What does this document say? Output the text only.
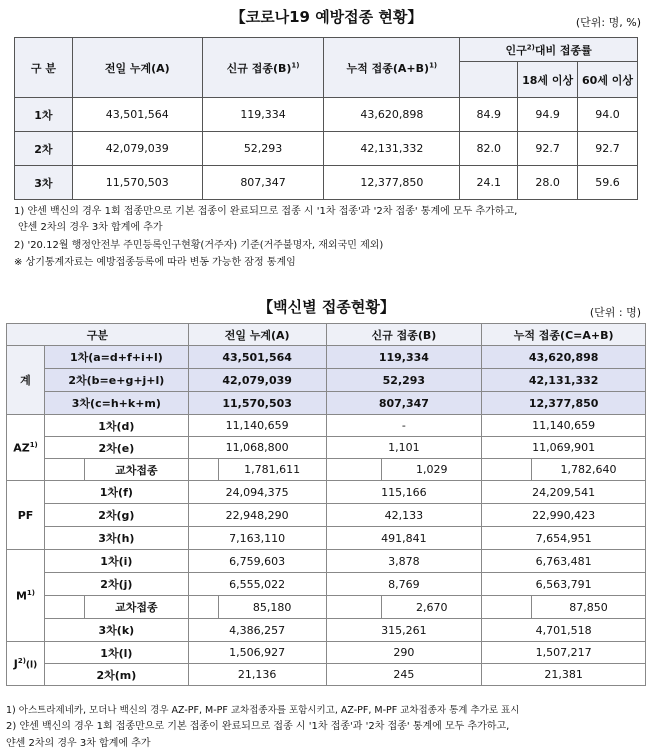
【코로나19 예방접종 현황】	(단위: 명, %)
구 분	전일 누계(A)	신규 접종$(B)^{1)}$	누적 접종$(A+B)^{1)}$	인구$^{2)}$대비 접종률		
					18세 이상	60세 이상
1차	43,501,564	119,334	43,620,898	84.9	94.9	94.0
2차	42,079,039	52,293	42,131,332	82.0	92.7	92.7
3차	11,570,503	807,347	12,377,850	24.1	28.0	59.6
1) 얀센 백신의 경우 1회 접종만으로 기본 접종이 완료되므로 접종 시 '1차 접종'과 '2차 접종' 통계에 모두 추가하고,
얀센 2차의 경우 3차 합계에 추가
2) '20.12월 행정안전부 주민등록인구현황(거주자) 기준(거주불명자, 재외국민 제외)
※ 상기통계자료는 예방접종등록에 따라 변동 가능한 잠정 통계임
【백신별 접종현황】	(단위 : 명)
구분			전일 누계(A)		신규 접종(B)		누적 접종(C=A+B)	
계	1차(a=d+f+i+l)		43,501,564		119,334		43,620,898	
	2차(b=e+g+j+l)		42,079,039		52,293		42,131,332	
	3차(c=h+k+m)		11,570,503		807,347		12,377,850	
AZ$^{1)}$	1차(d)		11,140,659		-		11,140,659	
	2차(e)		11,068,800		1,101		11,069,901	
		교차접종		1,781,611		1,029		1,782,640
PF	1차(f)		24,094,375		115,166		24,209,541	
	2차(g)		22,948,290		42,133		22,990,423	
	3차(h)		7,163,110		491,841		7,654,951	
$M^{1)}$	1차(i)		6,759,603		3,878		6,763,481	
	2차(j)		6,555,022		8,769		6,563,791	
		교차접종		85,180		2,670		87,850
	3차(k)		4,386,257		315,261		4,701,518	
$J^{2)}(l)$	1차(l)		1,506,927		290		1,507,217	
	2차(m)		21,136		245		21,381	
1) 아스트라제네카, 모더나 백신의 경우 AZ-PF, M-PF 교차접종자를 포함시키고, AZ-PF, M-PF 교차접종자 통계 추가로 표시
2) 얀센 백신의 경우 1회 접종만으로 기본 접종이 완료되므로 접종 시 '1차 접종'과 '2차 접종' 통계에 모두 추가하고,
얀센 2차의 경우 3차 합계에 추가
